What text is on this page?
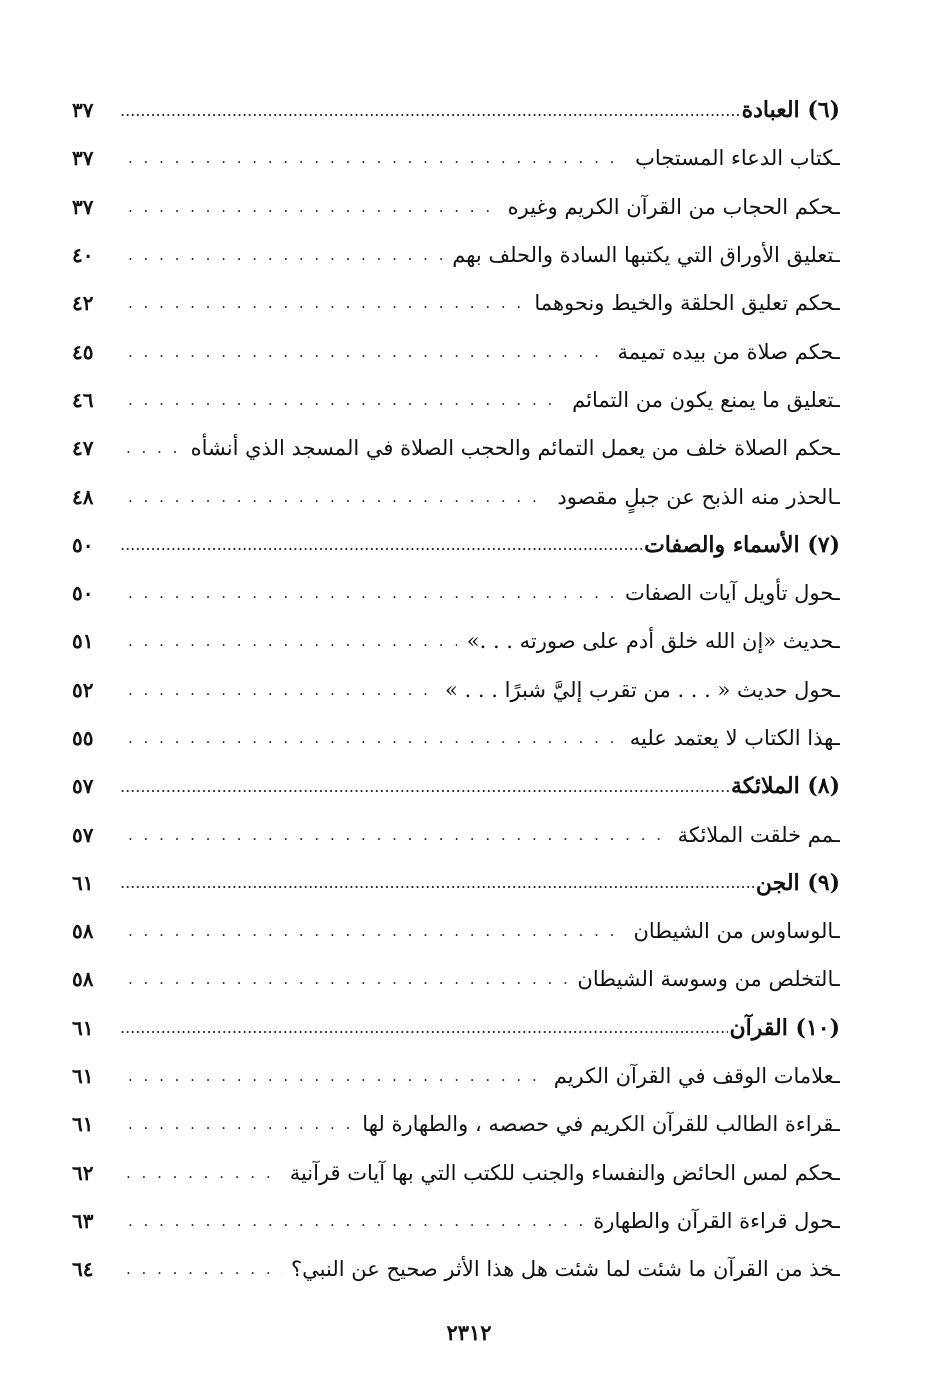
(٦) العبادة
.....
٣٧
ـكتاب الدعاء المستجاب
. . .
٣٧
ـحكم الحجاب من القرآن الكريم وغيره
. . .
٣٧
ـتعليق الأوراق التي يكتبها السادة والحلف بهم
. . .
٤٠
ـحكم تعليق الحلقة والخيط ونحوهما
. . .
٤٢
ـحكم صلاة من بيده تميمة
. . .
٤٥
ـتعليق ما يمنع يكون من التمائم
. . .
٤٦
ـحكم الصلاة خلف من يعمل التمائم والحجب الصلاة في المسجد الذي أنشأه
. . .
٤٧
ـالحذر منه الذبح عن جبلٍ مقصود
. . .
٤٨
(٧) الأسماء والصفات
.....
٥٠
ـحول تأويل آيات الصفات
. . .
٥٠
ـحديث «إن الله خلق أدم على صورته . . .»
. . .
٥١
ـحول حديث « . . . من تقرب إليَّ شبرًا . . . »
. . .
٥٢
ـهذا الكتاب لا يعتمد عليه
. . .
٥٥
(٨) الملائكة
.....
٥٧
ـمم خلقت الملائكة
. . .
٥٧
(٩) الجن
.....
٦١
ـالوساوس من الشيطان
. . .
٥٨
ـالتخلص من وسوسة الشيطان
. . .
٥٨
(١٠) القرآن
.....
٦١
ـعلامات الوقف في القرآن الكريم
. . .
٦١
ـقراءة الطالب للقرآن الكريم في حصصه ، والطهارة لها
. . .
٦١
ـحكم لمس الحائض والنفساء والجنب للكتب التي بها آيات قرآنية
. . .
٦٢
ـحول قراءة القرآن والطهارة
. . .
٦٣
ـخذ من القرآن ما شئت لما شئت هل هذا الأثر صحيح عن النبي؟
. . .
٦٤
٢٣١٢
